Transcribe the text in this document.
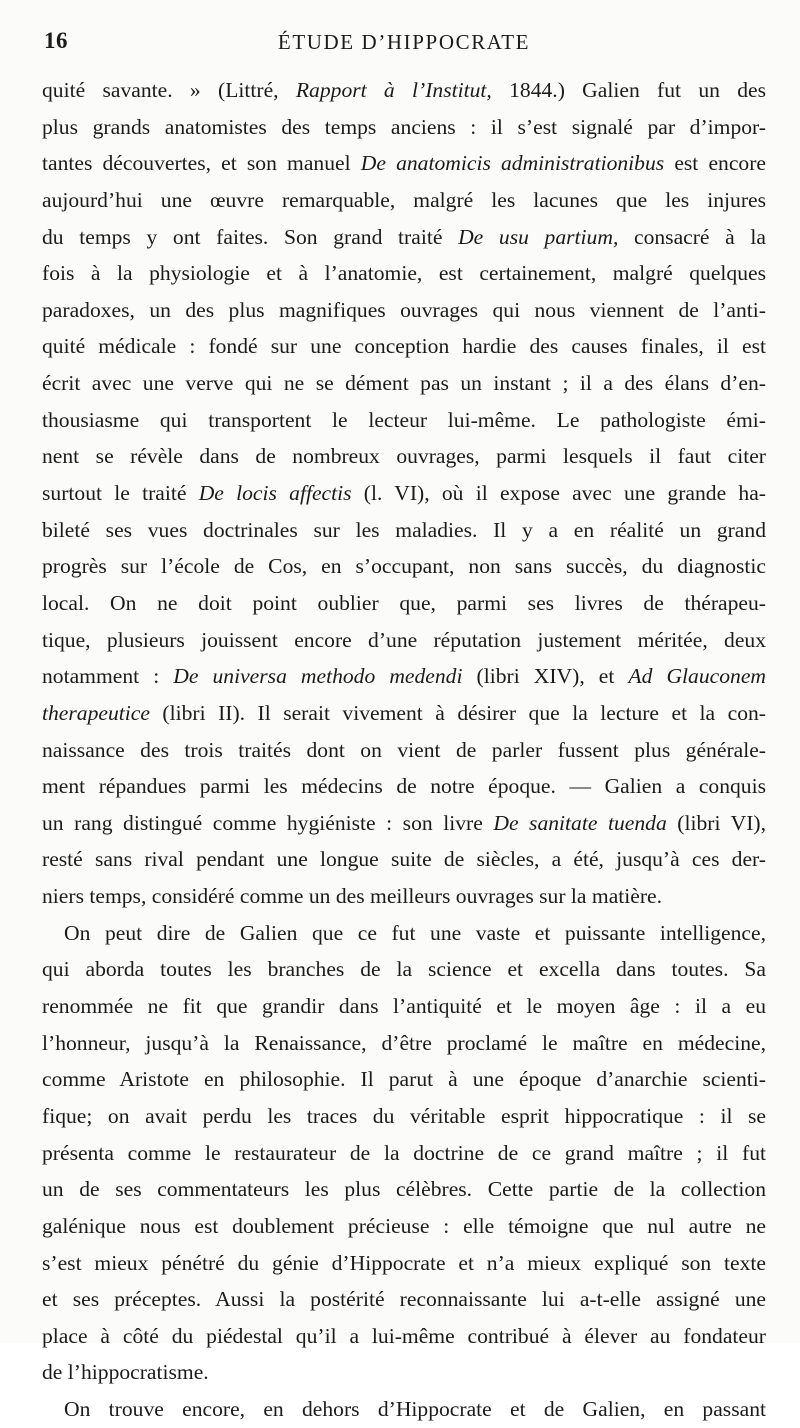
16	ÉTUDE D’HIPPOCRATE
quité savante. » (Littré, Rapport à l’Institut, 1844.) Galien fut un des
plus grands anatomistes des temps anciens : il s’est signalé par d’impor-
tantes découvertes, et son manuel De anatomicis administrationibus est encore
aujourd’hui une œuvre remarquable, malgré les lacunes que les injures
du temps y ont faites. Son grand traité De usu partium, consacré à la
fois à la physiologie et à l’anatomie, est certainement, malgré quelques
paradoxes, un des plus magnifiques ouvrages qui nous viennent de l’anti-
quité médicale : fondé sur une conception hardie des causes finales, il est
écrit avec une verve qui ne se dément pas un instant ; il a des élans d’en-
thousiasme qui transportent le lecteur lui-même. Le pathologiste émi-
nent se révèle dans de nombreux ouvrages, parmi lesquels il faut citer
surtout le traité De locis affectis (l. VI), où il expose avec une grande ha-
bileté ses vues doctrinales sur les maladies. Il y a en réalité un grand
progrès sur l’école de Cos, en s’occupant, non sans succès, du diagnostic
local. On ne doit point oublier que, parmi ses livres de thérapeu-
tique, plusieurs jouissent encore d’une réputation justement méritée, deux
notamment : De universa methodo medendi (libri XIV), et Ad Glauconem
therapeutice (libri II). Il serait vivement à désirer que la lecture et la con-
naissance des trois traités dont on vient de parler fussent plus générale-
ment répandues parmi les médecins de notre époque. — Galien a conquis
un rang distingué comme hygiéniste : son livre De sanitate tuenda (libri VI),
resté sans rival pendant une longue suite de siècles, a été, jusqu’à ces der-
niers temps, considéré comme un des meilleurs ouvrages sur la matière.
On peut dire de Galien que ce fut une vaste et puissante intelligence,
qui aborda toutes les branches de la science et excella dans toutes. Sa
renommée ne fit que grandir dans l’antiquité et le moyen âge : il a eu
l’honneur, jusqu’à la Renaissance, d’être proclamé le maître en médecine,
comme Aristote en philosophie. Il parut à une époque d’anarchie scienti-
fique; on avait perdu les traces du véritable esprit hippocratique : il se
présenta comme le restaurateur de la doctrine de ce grand maître ; il fut
un de ses commentateurs les plus célèbres. Cette partie de la collection
galénique nous est doublement précieuse : elle témoigne que nul autre ne
s’est mieux pénétré du génie d’Hippocrate et n’a mieux expliqué son texte
et ses préceptes. Aussi la postérité reconnaissante lui a-t-elle assigné une
place à côté du piédestal qu’il a lui-même contribué à élever au fondateur
de l’hippocratisme.
On trouve encore, en dehors d’Hippocrate et de Galien, en passant
